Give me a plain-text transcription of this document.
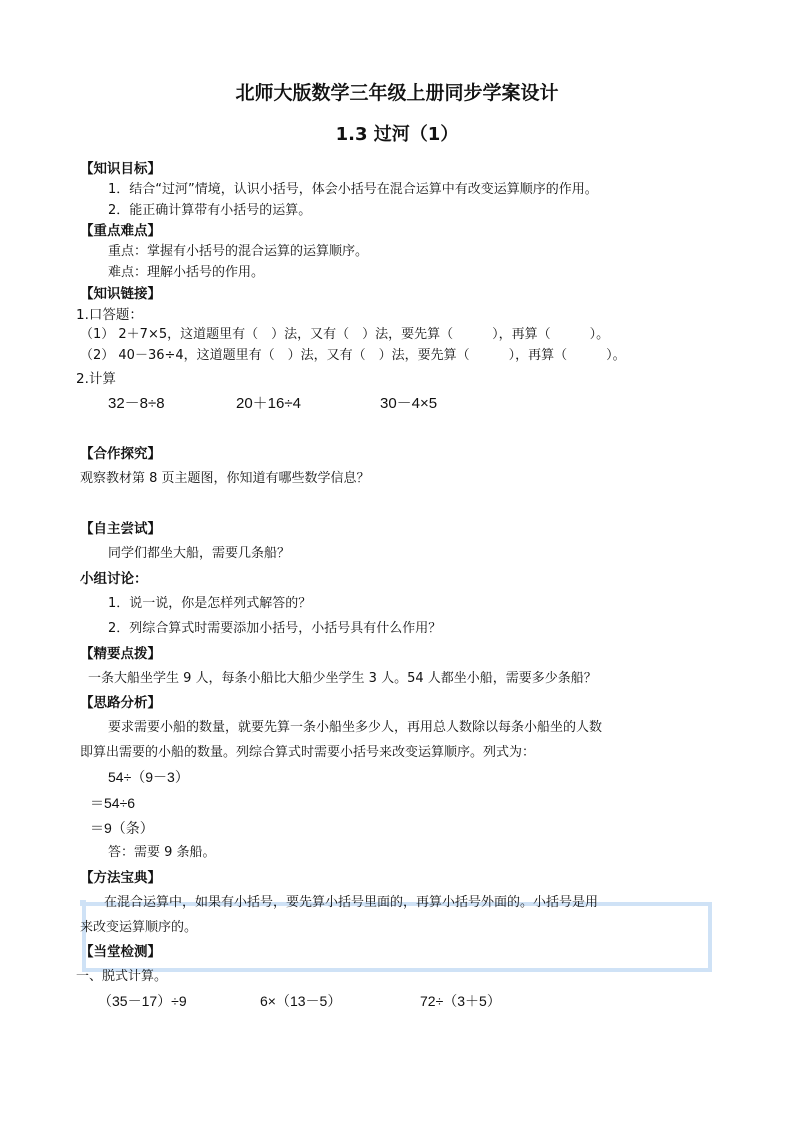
北师大版数学三年级上册同步学案设计
1.3 过河（1）
【知识目标】
1．结合“过河”情境，认识小括号，体会小括号在混合运算中有改变运算顺序的作用。
2．能正确计算带有小括号的运算。
【重点难点】
重点：掌握有小括号的混合运算的运算顺序。
难点：理解小括号的作用。
【知识链接】
1.口答题：
（1） 2＋7×5，这道题里有（　）法，又有（　）法，要先算（　　　），再算（　　　）。
（2） 40－36÷4，这道题里有（　）法，又有（　）法，要先算（　　　），再算（　　　）。
2.计算
32－8÷8	20＋16÷4	30－4×5
【合作探究】
观察教材第 8 页主题图，你知道有哪些数学信息？
【自主尝试】
同学们都坐大船，需要几条船？
小组讨论：
1．说一说，你是怎样列式解答的？
2．列综合算式时需要添加小括号，小括号具有什么作用？
【精要点拨】
一条大船坐学生 9 人，每条小船比大船少坐学生 3 人。54 人都坐小船，需要多少条船？
【思路分析】
要求需要小船的数量，就要先算一条小船坐多少人，再用总人数除以每条小船坐的人数
即算出需要的小船的数量。列综合算式时需要小括号来改变运算顺序。列式为：
54÷（9－3）
＝54÷6
＝9（条）
答：需要 9 条船。
【方法宝典】
在混合运算中，如果有小括号，要先算小括号里面的，再算小括号外面的。小括号是用
来改变运算顺序的。
【当堂检测】
一、脱式计算。
（35－17）÷9	6×（13－5）	72÷（3＋5）
